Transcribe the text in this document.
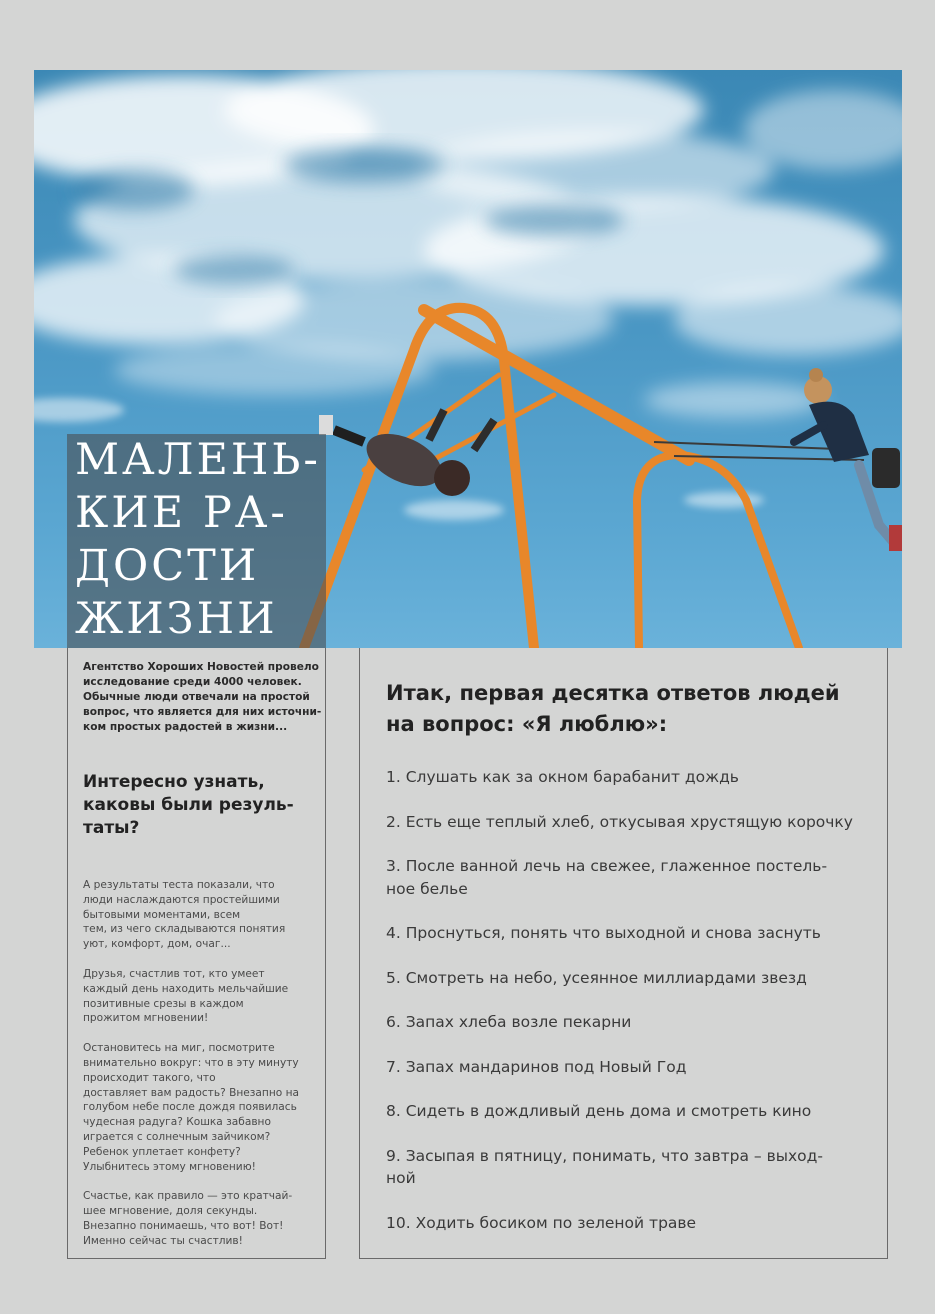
МАЛЕНЬ-
КИЕ РА-
ДОСТИ
ЖИЗНИ
Агентство Хороших Новостей провело
исследование среди 4000 человек.
Обычные люди отвечали на простой
вопрос, что является для них источни-
ком простых радостей в жизни...
Интересно узнать,
каковы были резуль-
таты?

А результаты теста показали, что
люди наслаждаются простейшими
бытовыми моментами, всем
тем, из чего складываются понятия
уют, комфорт, дом, очаг...

Друзья, счастлив тот, кто умеет
каждый день находить мельчайшие
позитивные срезы в каждом
прожитом мгновении!

Остановитесь на миг, посмотрите
внимательно вокруг: что в эту минуту
происходит такого, что
доставляет вам радость? Внезапно на
голубом небе после дождя появилась
чудесная радуга? Кошка забавно
играется с солнечным зайчиком?
Ребенок уплетает конфету?
Улыбнитесь этому мгновению!

Счастье, как правило — это кратчай-
шее мгновение, доля секунды.
Внезапно понимаешь, что вот! Вот!
Именно сейчас ты счастлив!

Итак, первая десятка ответов людей
на вопрос: «Я люблю»:
1. Слушать как за окном барабанит дождь
2. Есть еще теплый хлеб, откусывая хрустящую корочку
3. После ванной лечь на свежее, глаженное постель-
ное белье
4. Проснуться, понять что выходной и снова заснуть
5. Смотреть на небо, усеянное миллиардами звезд
6. Запах хлеба возле пекарни
7. Запах мандаринов под Новый Год
8. Сидеть в дождливый день дома и смотреть кино
9. Засыпая в пятницу, понимать, что завтра – выход-
ной
10. Ходить босиком по зеленой траве
